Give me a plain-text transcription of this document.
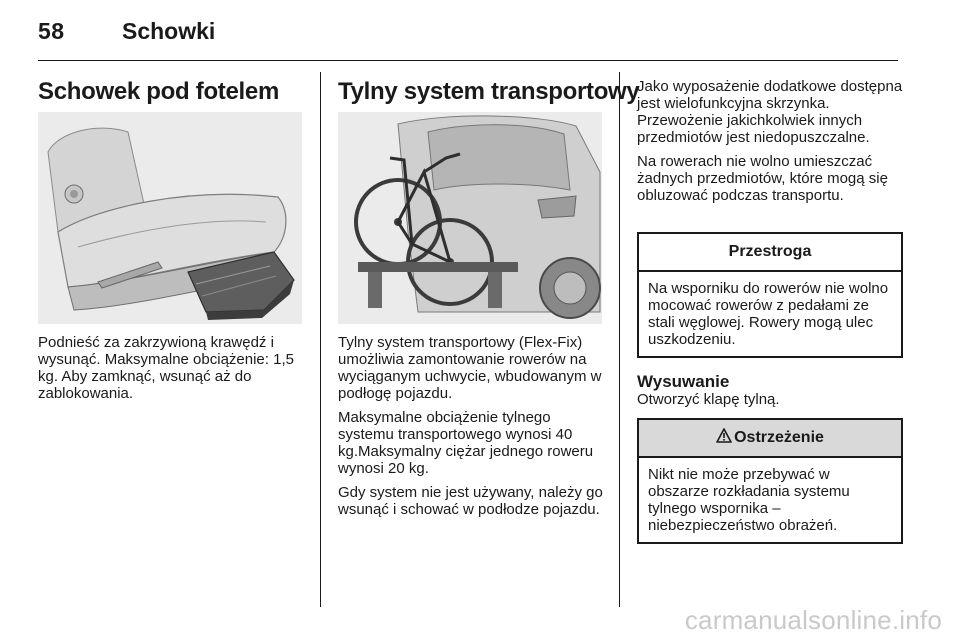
58 Schowki
Schowek pod fotelem

Podnieść za zakrzywioną krawędź i wysunąć. Maksymalne obciążenie: 1,5 kg. Aby zamknąć, wsunąć aż do zablokowania.

Tylny system transportowy

Tylny system transportowy (Flex-Fix) umożliwia zamontowanie rowerów na wyciąganym uchwycie, wbudowanym w podłogę pojazdu.

Maksymalne obciążenie tylnego systemu transportowego wynosi 40 kg.Maksymalny ciężar jednego roweru wynosi 20 kg.

Gdy system nie jest używany, należy go wsunąć i schować w podłodze pojazdu.

Jako wyposażenie dodatkowe dostępna jest wielofunkcyjna skrzynka. Przewożenie jakichkolwiek innych przedmiotów jest niedopuszczalne.

Na rowerach nie wolno umieszczać żadnych przedmiotów, które mogą się obluzować podczas transportu.

Przestroga
Na wsporniku do rowerów nie wolno mocować rowerów z pedałami ze stali węglowej. Rowery mogą ulec uszkodzeniu.
Wysuwanie
Otworzyć klapę tylną.
Ostrzeżenie
Nikt nie może przebywać w obszarze rozkładania systemu tylnego wspornika – niebezpieczeństwo obrażeń.
carmanualsonline.info
